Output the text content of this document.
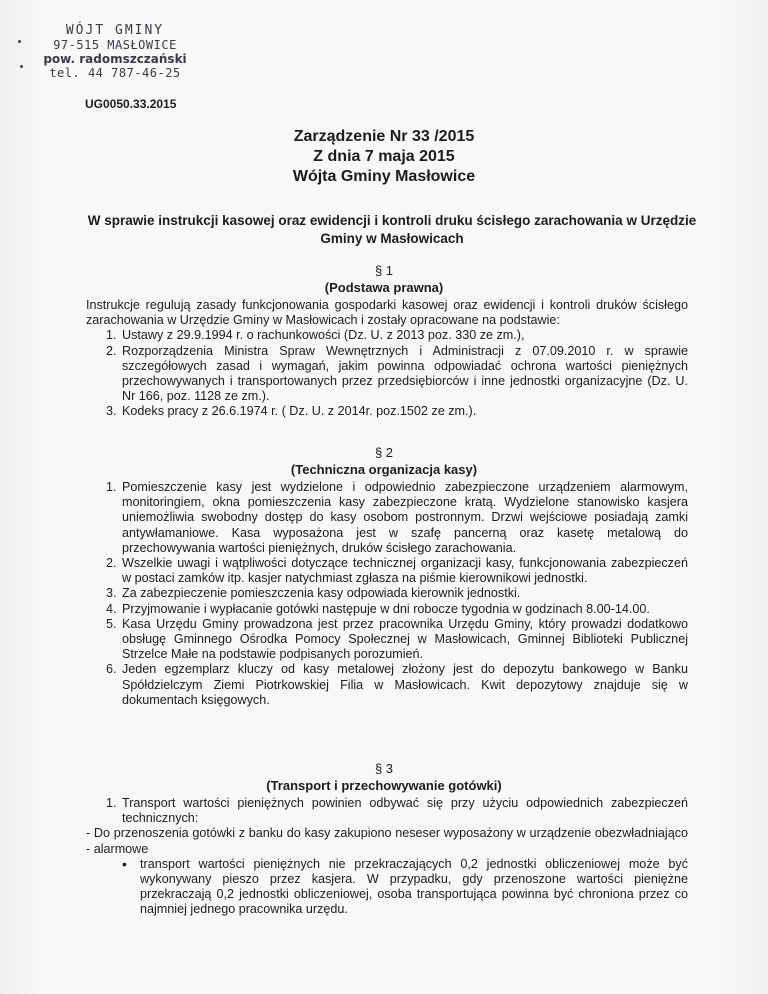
WÓJT GMINY
97-515 MASŁOWICE
pow. radomszczański
tel. 44 787-46-25
UG0050.33.2015
Zarządzenie Nr 33 /2015
Z dnia 7 maja 2015
Wójta Gminy Masłowice
W sprawie instrukcji kasowej oraz ewidencji i kontroli druku ścisłego zarachowania w Urzędzie Gminy w Masłowicach
§ 1
(Podstawa prawna)
Instrukcje regulują zasady funkcjonowania gospodarki kasowej oraz ewidencji i kontroli druków ścisłego zarachowania w Urzędzie Gminy w Masłowicach i zostały opracowane na podstawie:
1. Ustawy z 29.9.1994 r. o rachunkowości (Dz. U. z 2013 poz. 330 ze zm.),
2. Rozporządzenia Ministra Spraw Wewnętrznych i Administracji z 07.09.2010 r. w sprawie szczegółowych zasad i wymagań, jakim powinna odpowiadać ochrona wartości pieniężnych przechowywanych i transportowanych przez przedsiębiorców i inne jednostki organizacyjne (Dz. U. Nr 166, poz. 1128 ze zm.).
3. Kodeks pracy z 26.6.1974 r. ( Dz. U. z 2014r. poz.1502 ze zm.).
§ 2
(Techniczna organizacja kasy)
1. Pomieszczenie kasy jest wydzielone i odpowiednio zabezpieczone urządzeniem alarmowym, monitoringiem, okna pomieszczenia kasy zabezpieczone kratą. Wydzielone stanowisko kasjera uniemożliwia swobodny dostęp do kasy osobom postronnym. Drzwi wejściowe posiadają zamki antywłamaniowe. Kasa wyposażona jest w szafę pancerną oraz kasetę metalową do przechowywania wartości pieniężnych, druków ścisłego zarachowania.
2. Wszelkie uwagi i wątpliwości dotyczące technicznej organizacji kasy, funkcjonowania zabezpieczeń w postaci zamków itp. kasjer natychmiast zgłasza na piśmie kierownikowi jednostki.
3. Za zabezpieczenie pomieszczenia kasy odpowiada kierownik jednostki.
4. Przyjmowanie i wypłacanie gotówki następuje w dni robocze tygodnia w godzinach 8.00-14.00.
5. Kasa Urzędu Gminy prowadzona jest przez pracownika Urzędu Gminy, który prowadzi dodatkowo obsługę Gminnego Ośrodka Pomocy Społecznej w Masłowicach, Gminnej Biblioteki Publicznej Strzelce Małe na podstawie podpisanych porozumień.
6. Jeden egzemplarz kluczy od kasy metalowej złożony jest do depozytu bankowego w Banku Spółdzielczym Ziemi Piotrkowskiej Filia w Masłowicach. Kwit depozytowy znajduje się w dokumentach księgowych.
§ 3
(Transport i przechowywanie gotówki)
1. Transport wartości pieniężnych powinien odbywać się przy użyciu odpowiednich zabezpieczeń technicznych:
- Do przenoszenia gotówki z banku do kasy zakupiono neseser wyposażony w urządzenie obezwładniająco - alarmowe
• transport wartości pieniężnych nie przekraczających 0,2 jednostki obliczeniowej może być wykonywany pieszo przez kasjera. W przypadku, gdy przenoszone wartości pieniężne przekraczają 0,2 jednostki obliczeniowej, osoba transportująca powinna być chroniona przez co najmniej jednego pracownika urzędu.
